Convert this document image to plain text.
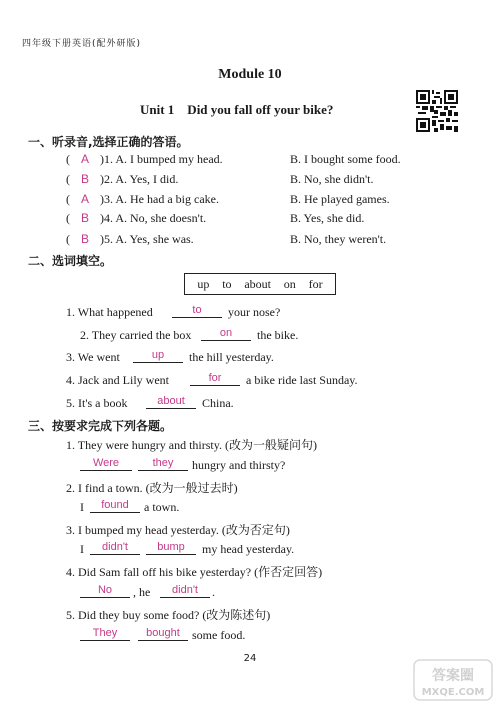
四年级下册英语(配外研版)
Module 10
Unit 1    Did you fall off your bike?
一、听录音,选择正确的答语。
( A )1. A. I bumped my head.	B. I bought some food.
( B )2. A. Yes, I did.	B. No, she didn't.
( A )3. A. He had a big cake.	B. He played games.
( B )4. A. No, she doesn't.	B. Yes, she did.
( B )5. A. Yes, she was.	B. No, they weren't.
二、选词填空。
up to about on for
1. What happened	to	your nose?
2. They carried the box	on	the bike.
3. We went	up	the hill yesterday.
4. Jack and Lily went	for	a bike ride last Sunday.
5. It's a book	about	China.
三、按要求完成下列各题。
1. They were hungry and thirsty. (改为一般疑问句)
Were	they	hungry and thirsty?
2. I find a town. (改为一般过去时)
I	found	a town.
3. I bumped my head yesterday. (改为否定句)
I	didn't	bump	my head yesterday.
4. Did Sam fall off his bike yesterday? (作否定回答)
No	, he	didn't	.
5. Did they buy some food? (改为陈述句)
They	bought	some food.
24
答案圈
MXQE.COM
